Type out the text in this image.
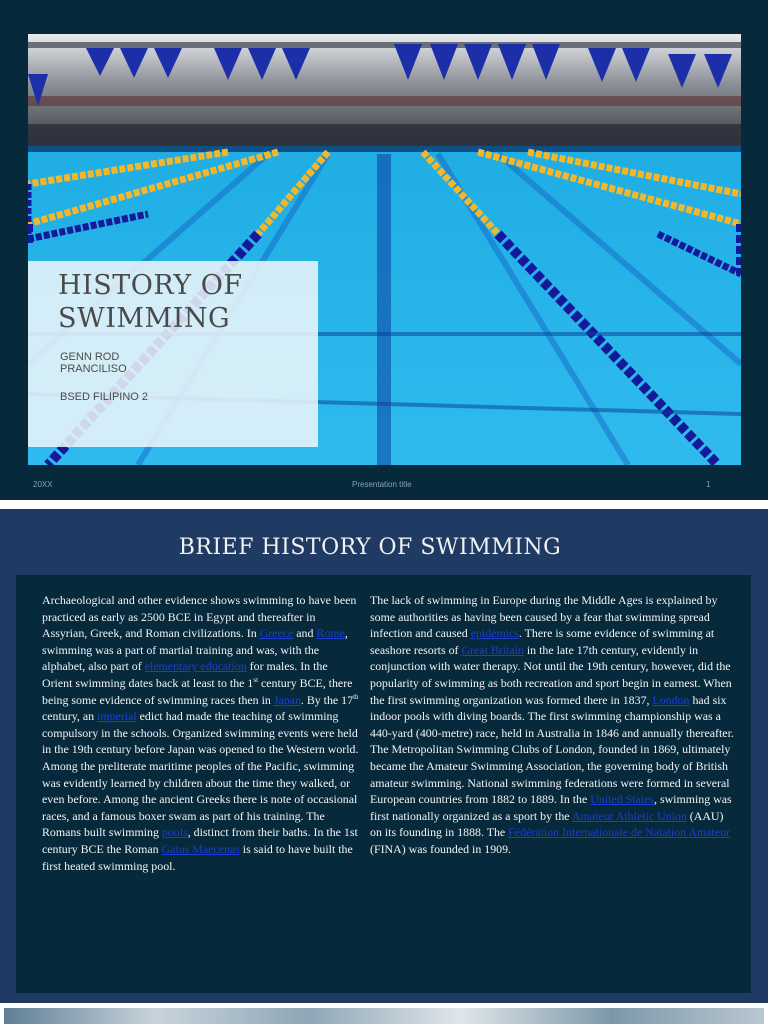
HISTORY OF SWIMMING
GENN ROD PRANCILISO
BSED FILIPINO 2
20XX	Presentation title	1
BRIEF HISTORY OF SWIMMING
Archaeological and other evidence shows swimming to have been practiced as early as 2500 BCE in Egypt and thereafter in Assyrian, Greek, and Roman civilizations. In Greece and Rome, swimming was a part of martial training and was, with the alphabet, also part of elementary education for males. In the Orient swimming dates back at least to the 1st century BCE, there being some evidence of swimming races then in Japan. By the 17th century, an imperial edict had made the teaching of swimming compulsory in the schools. Organized swimming events were held in the 19th century before Japan was opened to the Western world. Among the preliterate maritime peoples of the Pacific, swimming was evidently learned by children about the time they walked, or even before. Among the ancient Greeks there is note of occasional races, and a famous boxer swam as part of his training. The Romans built swimming pools, distinct from their baths. In the 1st century BCE the Roman Gaius Maecenas is said to have built the first heated swimming pool.
The lack of swimming in Europe during the Middle Ages is explained by some authorities as having been caused by a fear that swimming spread infection and caused epidemics. There is some evidence of swimming at seashore resorts of Great Britain in the late 17th century, evidently in conjunction with water therapy. Not until the 19th century, however, did the popularity of swimming as both recreation and sport begin in earnest. When the first swimming organization was formed there in 1837, London had six indoor pools with diving boards. The first swimming championship was a 440-yard (400-metre) race, held in Australia in 1846 and annually thereafter. The Metropolitan Swimming Clubs of London, founded in 1869, ultimately became the Amateur Swimming Association, the governing body of British amateur swimming. National swimming federations were formed in several European countries from 1882 to 1889. In the United States, swimming was first nationally organized as a sport by the Amateur Athletic Union (AAU) on its founding in 1888. The Fédération Internationale de Natation Amateur (FINA) was founded in 1909.
